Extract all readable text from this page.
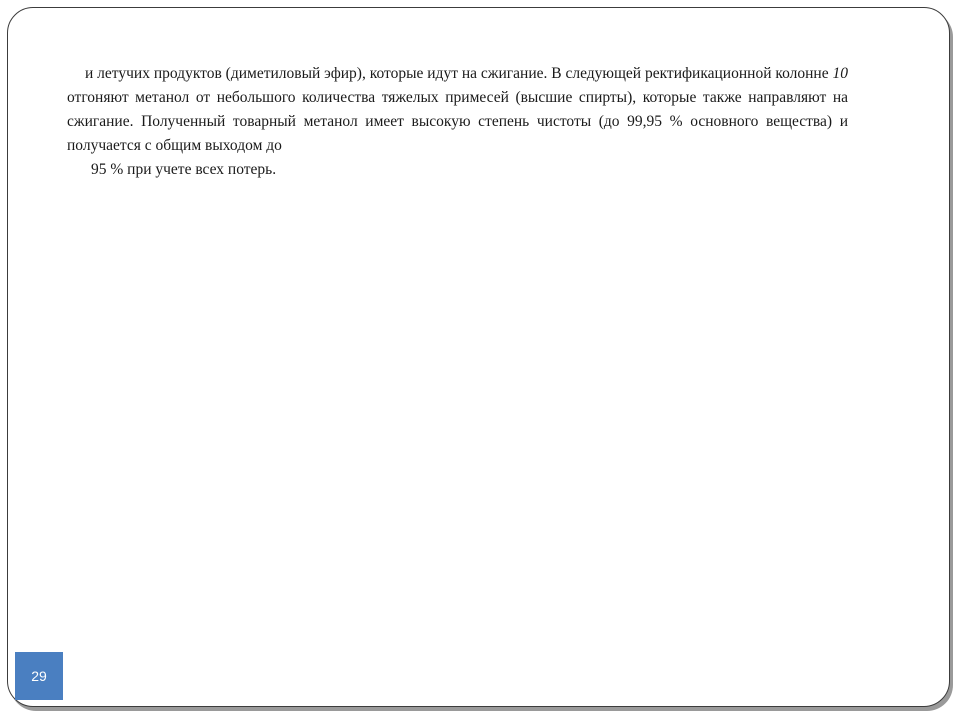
и летучих продуктов (диметиловый эфир), которые идут на сжигание. В следующей ректификационной колонне 10 отгоняют метанол от небольшого количества тяжелых примесей (высшие спирты), которые также направляют на сжигание. Полученный товарный метанол имеет высокую степень чистоты (до 99,95 % основного вещества) и получается с общим выходом до

95 % при учете всех потерь.

29
